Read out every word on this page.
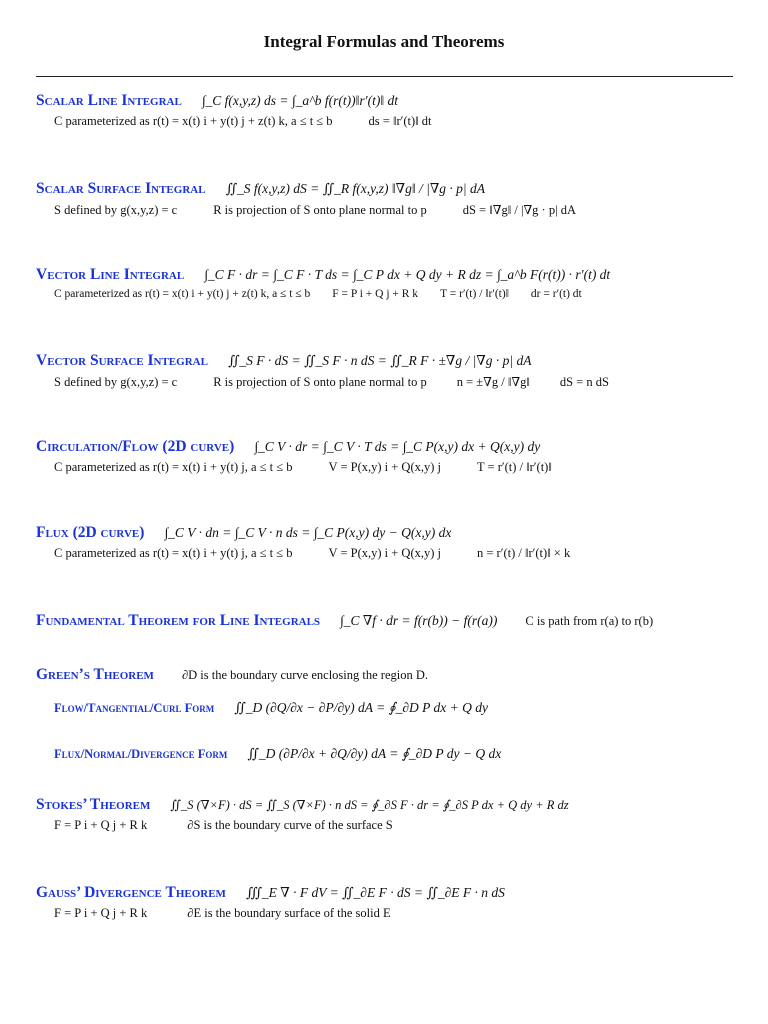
Integral Formulas and Theorems
Scalar Line Integral ∫_C f(x,y,z) ds = ∫_a^b f(r(t))‖r′(t)‖ dt
C parameterized as r(t) = x(t) i + y(t) j + z(t) k, a ≤ t ≤ b	ds = ‖r′(t)‖ dt
Scalar Surface Integral ∬_S f(x,y,z) dS = ∬_R f(x,y,z) ‖∇g‖ / |∇g · p| dA
S defined by g(x,y,z) = c	R is projection of S onto plane normal to p	dS = ‖∇g‖ / |∇g · p| dA
Vector Line Integral ∫_C F · dr = ∫_C F · T ds = ∫_C P dx + Q dy + R dz = ∫_a^b F(r(t)) · r′(t) dt
C parameterized as r(t) = x(t) i + y(t) j + z(t) k, a ≤ t ≤ b F = P i + Q j + R k T = r′(t) / ‖r′(t)‖ dr = r′(t) dt
Vector Surface Integral ∬_S F · dS = ∬_S F · n dS = ∬_R F · ±∇g / |∇g · p| dA
S defined by g(x,y,z) = c	R is projection of S onto plane normal to p n = ±∇g / ‖∇g‖ dS = n dS
Circulation/Flow (2D curve) ∫_C V · dr = ∫_C V · T ds = ∫_C P(x,y) dx + Q(x,y) dy
C parameterized as r(t) = x(t) i + y(t) j, a ≤ t ≤ b	V = P(x,y) i + Q(x,y) j	T = r′(t) / ‖r′(t)‖
Flux (2D curve) ∫_C V · dn = ∫_C V · n ds = ∫_C P(x,y) dy − Q(x,y) dx
C parameterized as r(t) = x(t) i + y(t) j, a ≤ t ≤ b	V = P(x,y) i + Q(x,y) j	n = r′(t) / ‖r′(t)‖ × k
Fundamental Theorem for Line Integrals ∫_C ∇f · dr = f(r(b)) − f(r(a)) C is path from r(a) to r(b)
Green’s Theorem ∂D is the boundary curve enclosing the region D.
Flow/Tangential/Curl Form ∬_D (∂Q/∂x − ∂P/∂y) dA = ∮_∂D P dx + Q dy
Flux/Normal/Divergence Form ∬_D (∂P/∂x + ∂Q/∂y) dA = ∮_∂D P dy − Q dx
Stokes’ Theorem ∬_S (∇×F) · dS = ∬_S (∇×F) · n dS = ∮_∂S F · dr = ∮_∂S P dx + Q dy + R dz
F = P i + Q j + R k	∂S is the boundary curve of the surface S
Gauss’ Divergence Theorem ∭_E ∇ · F dV = ∬_∂E F · dS = ∬_∂E F · n dS
F = P i + Q j + R k	∂E is the boundary surface of the solid E
